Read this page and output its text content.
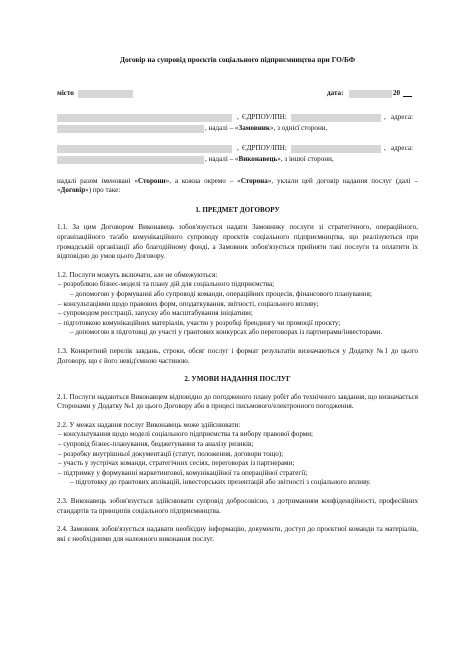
Договір на супровід проєктів соціального підприємництва при ГО/БФ
місто	дата:	20
, ЄДРПОУ/ІПН:	, адреса:
, надалі – «Замовник», з однієї сторони,
, ЄДРПОУ/ІПН:	, адреса:
, надалі – «Виконавець», з іншої сторони,

надалі разом іменовані «Сторони», а кожна окремо – «Сторона», уклали цей договір надання послуг (далі – «Договір») про таке:

1. ПРЕДМЕТ ДОГОВОРУ

1.1. За цим Договором Виконавець зобов'язується надати Замовнику послуги зі стратегічного, операційного, організаційного та/або комунікаційного супроводу проєктів соціального підприємництва, що реалізуються при громадській організації або благодійному фонді, а Замовник зобов'язується прийняти такі послуги та оплатити їх відповідно до умов цього Договору.

1.2. Послуги можуть включати, але не обмежуються:

– розроблюю бізнес-моделі та плану дій для соціального підприємства;

– допомогою у формуванні або супроводі команди, операційних процесів, фінансового планування;

– консультаціями щодо правових форм, оподаткування, звітності, соціального впливу;

– супроводом реєстрації, запуску або масштабування ініціативи;

– підготовкою комунікаційних матеріалів, участю у розробці брендингу чи промоції проєкту;

– допомогою в підготовці до участі у грантових конкурсах або переговорах із партнерами/інвесторами.

1.3. Конкретний перелік завдань, строки, обсяг послуг і формат результатів визначаються у Додатку №1 до цього Договору, що є його невід'ємною частиною.

2. УМОВИ НАДАННЯ ПОСЛУГ

2.1. Послуги надаються Виконавцем відповідно до погодженого плану робіт або технічного завдання, що визначається Сторонами у Додатку №1 до цього Договору або в процесі письмового/електронного погодження.

2.2. У межах надання послуг Виконавець може здійснювати:

– консультування щодо моделі соціального підприємства та вибору правової форми;

– супровід бізнес-планування, бюджетування та аналізу ризиків;

– розробку внутрішньої документації (статут, положення, договори тощо);

– участь у зустрічах команди, стратегічних сесіях, переговорах із партнерами;

– підтримку у формуванні маркетингової, комунікаційної та операційної стратегії;

– підготовку до грантових аплікацій, інвесторських презентацій або звітності з соціального впливу.

2.3. Виконавець зобов'язується здійснювати супровід добросовісно, з дотриманням конфіденційності, професійних стандартів та принципів соціального підприємництва.

2.4. Замовник зобов'язується надавати необхідну інформацію, документи, доступ до проєктної команди та матеріалів, які є необхідними для належного виконання послуг.
